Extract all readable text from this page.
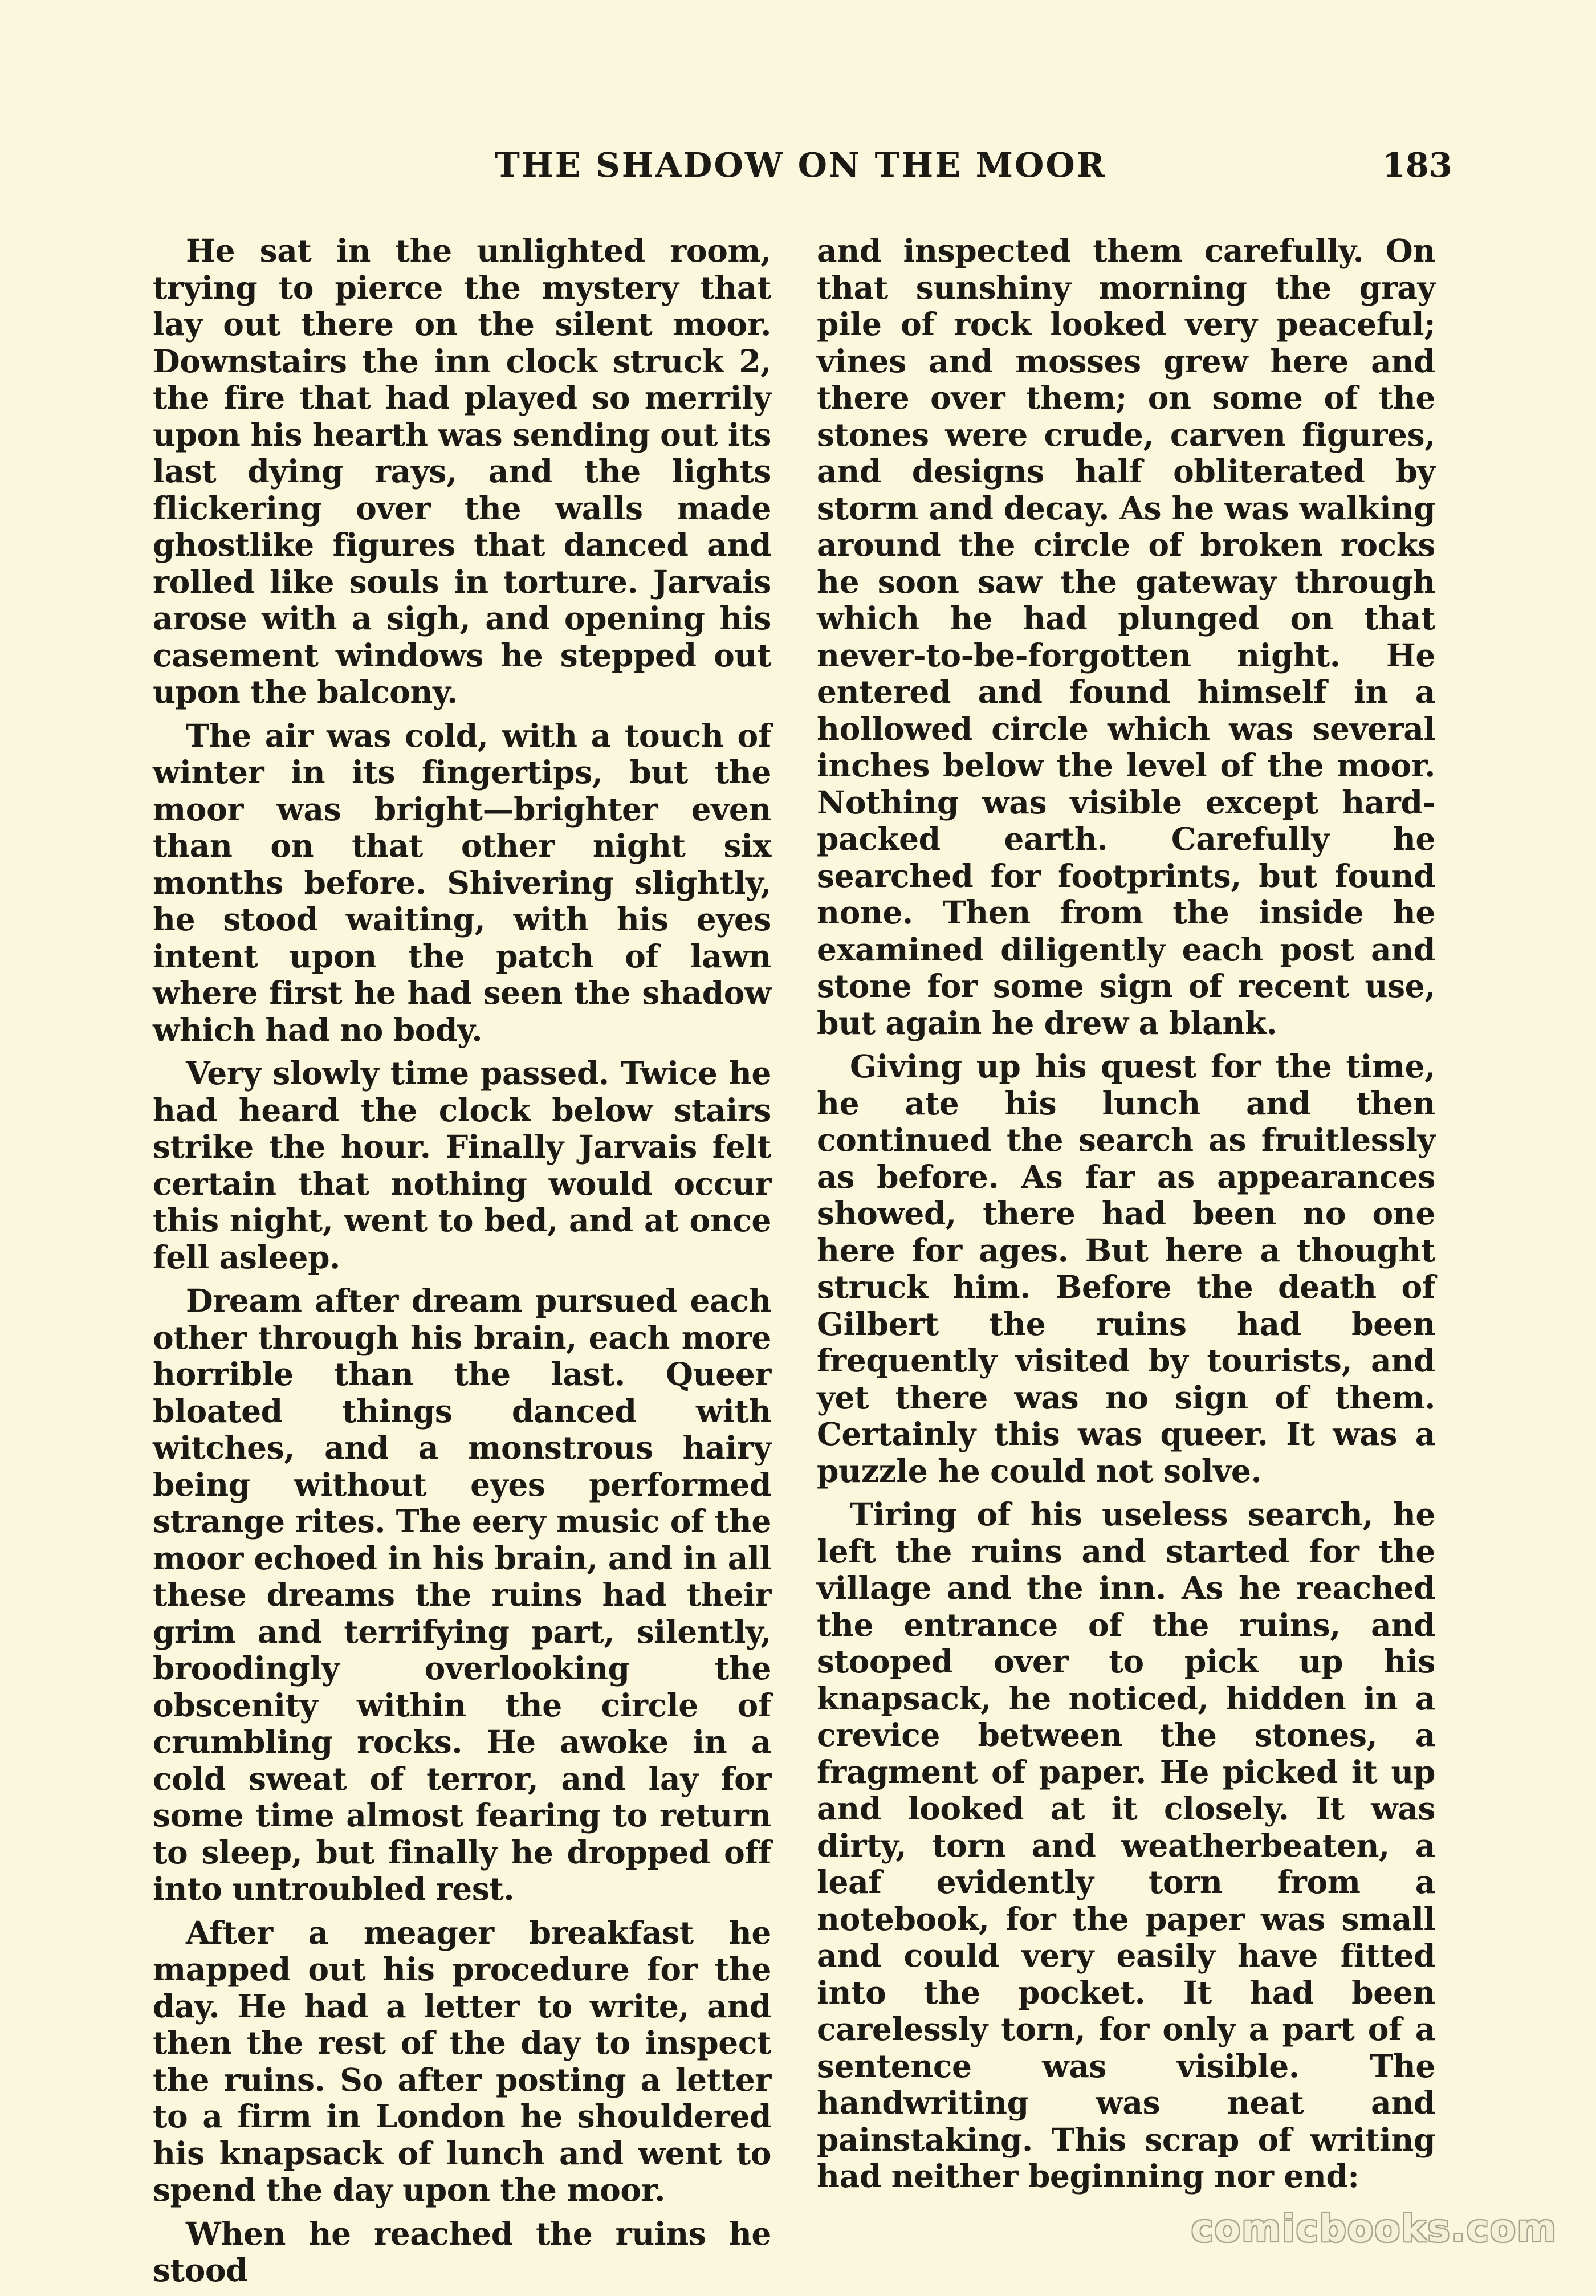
THE SHADOW ON THE MOOR	183

He sat in the unlighted room, trying to pierce the mystery that lay out there on the silent moor. Downstairs the inn clock struck 2, the fire that had played so merrily upon his hearth was sending out its last dying rays, and the lights flickering over the walls made ghostlike figures that danced and rolled like souls in torture. Jarvais arose with a sigh, and opening his casement windows he stepped out upon the balcony.

The air was cold, with a touch of winter in its fingertips, but the moor was bright—brighter even than on that other night six months before. Shivering slightly, he stood waiting, with his eyes intent upon the patch of lawn where first he had seen the shadow which had no body.

Very slowly time passed. Twice he had heard the clock below stairs strike the hour. Finally Jarvais felt certain that nothing would occur this night, went to bed, and at once fell asleep.

Dream after dream pursued each other through his brain, each more horrible than the last. Queer bloated things danced with witches, and a monstrous hairy being without eyes performed strange rites. The eery music of the moor echoed in his brain, and in all these dreams the ruins had their grim and terrifying part, silently, broodingly overlooking the obscenity within the circle of crumbling rocks. He awoke in a cold sweat of terror, and lay for some time almost fearing to return to sleep, but finally he dropped off into untroubled rest.

After a meager breakfast he mapped out his procedure for the day. He had a letter to write, and then the rest of the day to inspect the ruins. So after posting a letter to a firm in London he shouldered his knapsack of lunch and went to spend the day upon the moor.

When he reached the ruins he stood

and inspected them carefully. On that sunshiny morning the gray pile of rock looked very peaceful; vines and mosses grew here and there over them; on some of the stones were crude, carven figures, and designs half obliterated by storm and decay. As he was walking around the circle of broken rocks he soon saw the gateway through which he had plunged on that never-to-be-forgotten night. He entered and found himself in a hollowed circle which was several inches below the level of the moor. Nothing was visible except hard-packed earth. Carefully he searched for footprints, but found none. Then from the inside he examined diligently each post and stone for some sign of recent use, but again he drew a blank.

Giving up his quest for the time, he ate his lunch and then continued the search as fruitlessly as before. As far as appearances showed, there had been no one here for ages. But here a thought struck him. Before the death of Gilbert the ruins had been frequently visited by tourists, and yet there was no sign of them. Certainly this was queer. It was a puzzle he could not solve.

Tiring of his useless search, he left the ruins and started for the village and the inn. As he reached the entrance of the ruins, and stooped over to pick up his knapsack, he noticed, hidden in a crevice between the stones, a fragment of paper. He picked it up and looked at it closely. It was dirty, torn and weatherbeaten, a leaf evidently torn from a notebook, for the paper was small and could very easily have fitted into the pocket. It had been carelessly torn, for only a part of a sentence was visible. The handwriting was neat and painstaking. This scrap of writing had neither beginning nor end:

comicbooks.com
